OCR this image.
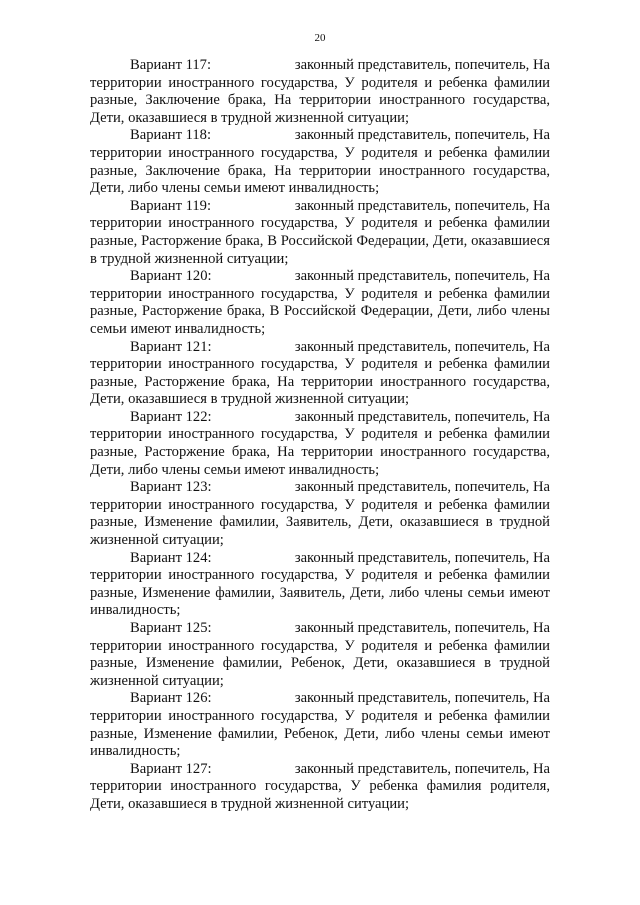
20
Вариант 117:	законный представитель, попечитель, На
территории иностранного государства, У родителя и ребенка фамилии разные, Заключение брака, На территории иностранного государства, Дети, оказавшиеся в трудной жизненной ситуации;
Вариант 118:	законный представитель, попечитель, На
территории иностранного государства, У родителя и ребенка фамилии разные, Заключение брака, На территории иностранного государства, Дети, либо члены семьи имеют инвалидность;
Вариант 119:	законный представитель, попечитель, На
территории иностранного государства, У родителя и ребенка фамилии разные, Расторжение брака, В Российской Федерации, Дети, оказавшиеся в трудной жизненной ситуации;
Вариант 120:	законный представитель, попечитель, На
территории иностранного государства, У родителя и ребенка фамилии разные, Расторжение брака, В Российской Федерации, Дети, либо члены семьи имеют инвалидность;
Вариант 121:	законный представитель, попечитель, На
территории иностранного государства, У родителя и ребенка фамилии разные, Расторжение брака, На территории иностранного государства, Дети, оказавшиеся в трудной жизненной ситуации;
Вариант 122:	законный представитель, попечитель, На
территории иностранного государства, У родителя и ребенка фамилии разные, Расторжение брака, На территории иностранного государства, Дети, либо члены семьи имеют инвалидность;
Вариант 123:	законный представитель, попечитель, На
территории иностранного государства, У родителя и ребенка фамилии разные, Изменение фамилии, Заявитель, Дети, оказавшиеся в трудной жизненной ситуации;
Вариант 124:	законный представитель, попечитель, На
территории иностранного государства, У родителя и ребенка фамилии разные, Изменение фамилии, Заявитель, Дети, либо члены семьи имеют инвалидность;
Вариант 125:	законный представитель, попечитель, На
территории иностранного государства, У родителя и ребенка фамилии разные, Изменение фамилии, Ребенок, Дети, оказавшиеся в трудной жизненной ситуации;
Вариант 126:	законный представитель, попечитель, На
территории иностранного государства, У родителя и ребенка фамилии разные, Изменение фамилии, Ребенок, Дети, либо члены семьи имеют инвалидность;
Вариант 127:	законный представитель, попечитель, На
территории иностранного государства, У ребенка фамилия родителя, Дети, оказавшиеся в трудной жизненной ситуации;
